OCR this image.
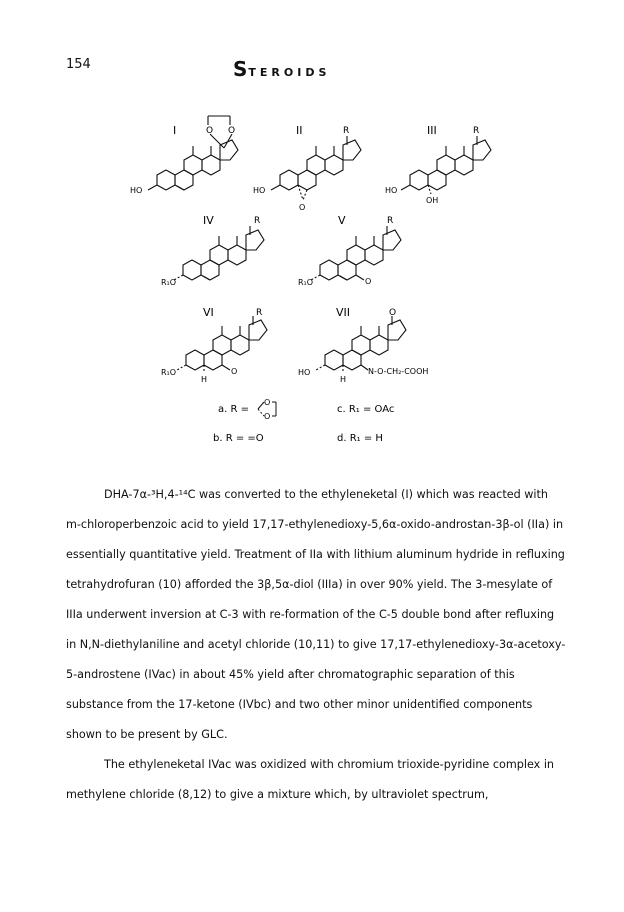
154	STEROIDS
I	O O
HO
II	R
HO
O
III	R
HO
OH
IV	R
R₁O
V	R
R₁O	O
VI	R
R₁O
H
O
VII	O
HO
H
N-O-CH₂-COOH
a. R =
O
O
b. R = =O
c. R₁ = OAc
d. R₁ = H

DHA-7α-³H,4-¹⁴C was converted to the ethyleneketal (I) which was reacted with m-chloroperbenzoic acid to yield 17,17-ethylenedioxy-5,6α-oxido-androstan-3β-ol (IIa) in essentially quantitative yield. Treatment of IIa with lithium aluminum hydride in refluxing tetrahydrofuran (10) afforded the 3β,5α-diol (IIIa) in over 90% yield. The 3-mesylate of IIIa underwent inversion at C-3 with re-formation of the C-5 double bond after refluxing in N,N-diethylaniline and acetyl chloride (10,11) to give 17,17-ethylenedioxy-3α-acetoxy-5-androstene (IVac) in about 45% yield after chromatographic separation of this substance from the 17-ketone (IVbc) and two other minor unidentified components shown to be present by GLC.

The ethyleneketal IVac was oxidized with chromium trioxide-pyridine complex in methylene chloride (8,12) to give a mixture which, by ultraviolet spectrum,
